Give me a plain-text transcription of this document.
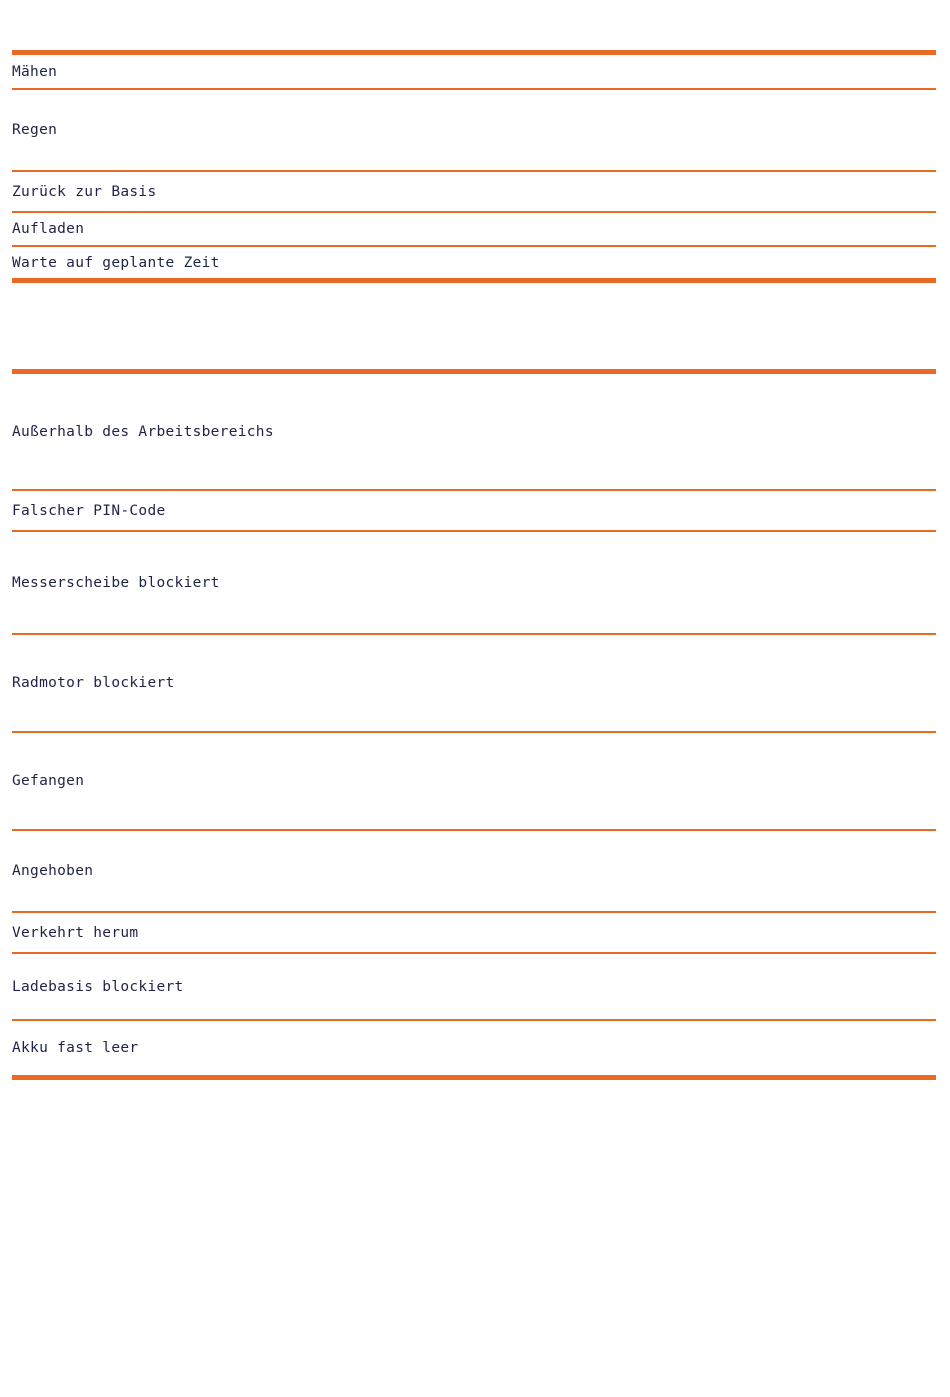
Mähen
Regen
Zurück zur Basis
Aufladen
Warte auf geplante Zeit
Außerhalb des Arbeitsbereichs
Falscher PIN-Code
Messerscheibe blockiert
Radmotor blockiert
Gefangen
Angehoben
Verkehrt herum
Ladebasis blockiert
Akku fast leer
